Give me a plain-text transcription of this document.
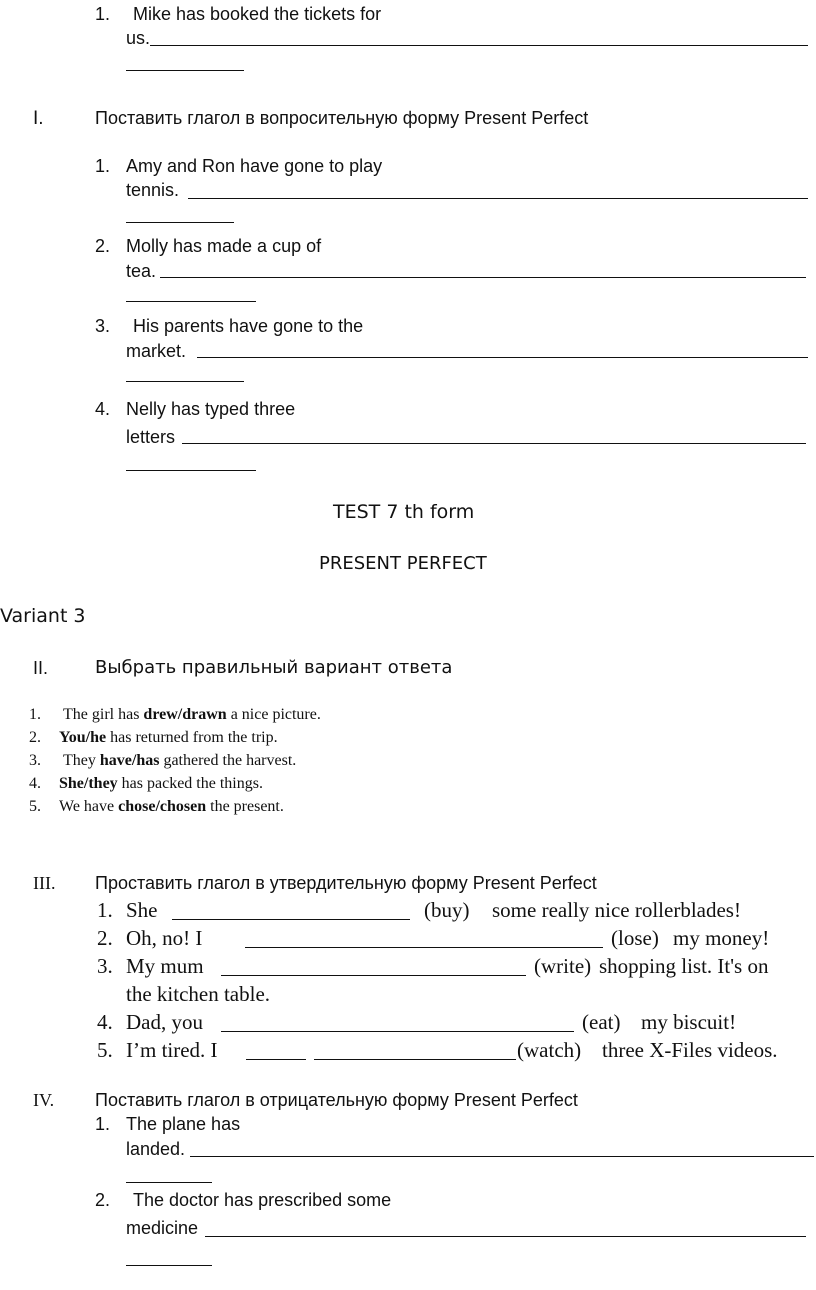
1. Mike has booked the tickets for
us.
I.	Поставить глагол в вопросительную форму Present Perfect
1. Amy and Ron have gone to play
tennis.
2. Molly has made a cup of
tea.
3. His parents have gone to the
market.
4. Nelly has typed three
letters
TEST 7 th form
PRESENT PERFECT
Variant 3
II.	Выбрать правильный вариант ответа
1. The girl has drew/drawn a nice picture.
2. You/he has returned from the trip.
3. They have/has gathered the harvest.
4. She/they has packed the things.
5. We have chose/chosen the present.
III. Проставить глагол в утвердительную форму Present Perfect
1. She	(buy) some really nice rollerblades!
2. Oh, no! I	(lose) my money!
3. My mum	(write) shopping list. It's on
the kitchen table.
4. Dad, you	(eat) my biscuit!
5. I’m tired. I	(watch) three X-Files videos.
IV. Поставить глагол в отрицательную форму Present Perfect
1. The plane has
landed.
2. The doctor has prescribed some
medicine
